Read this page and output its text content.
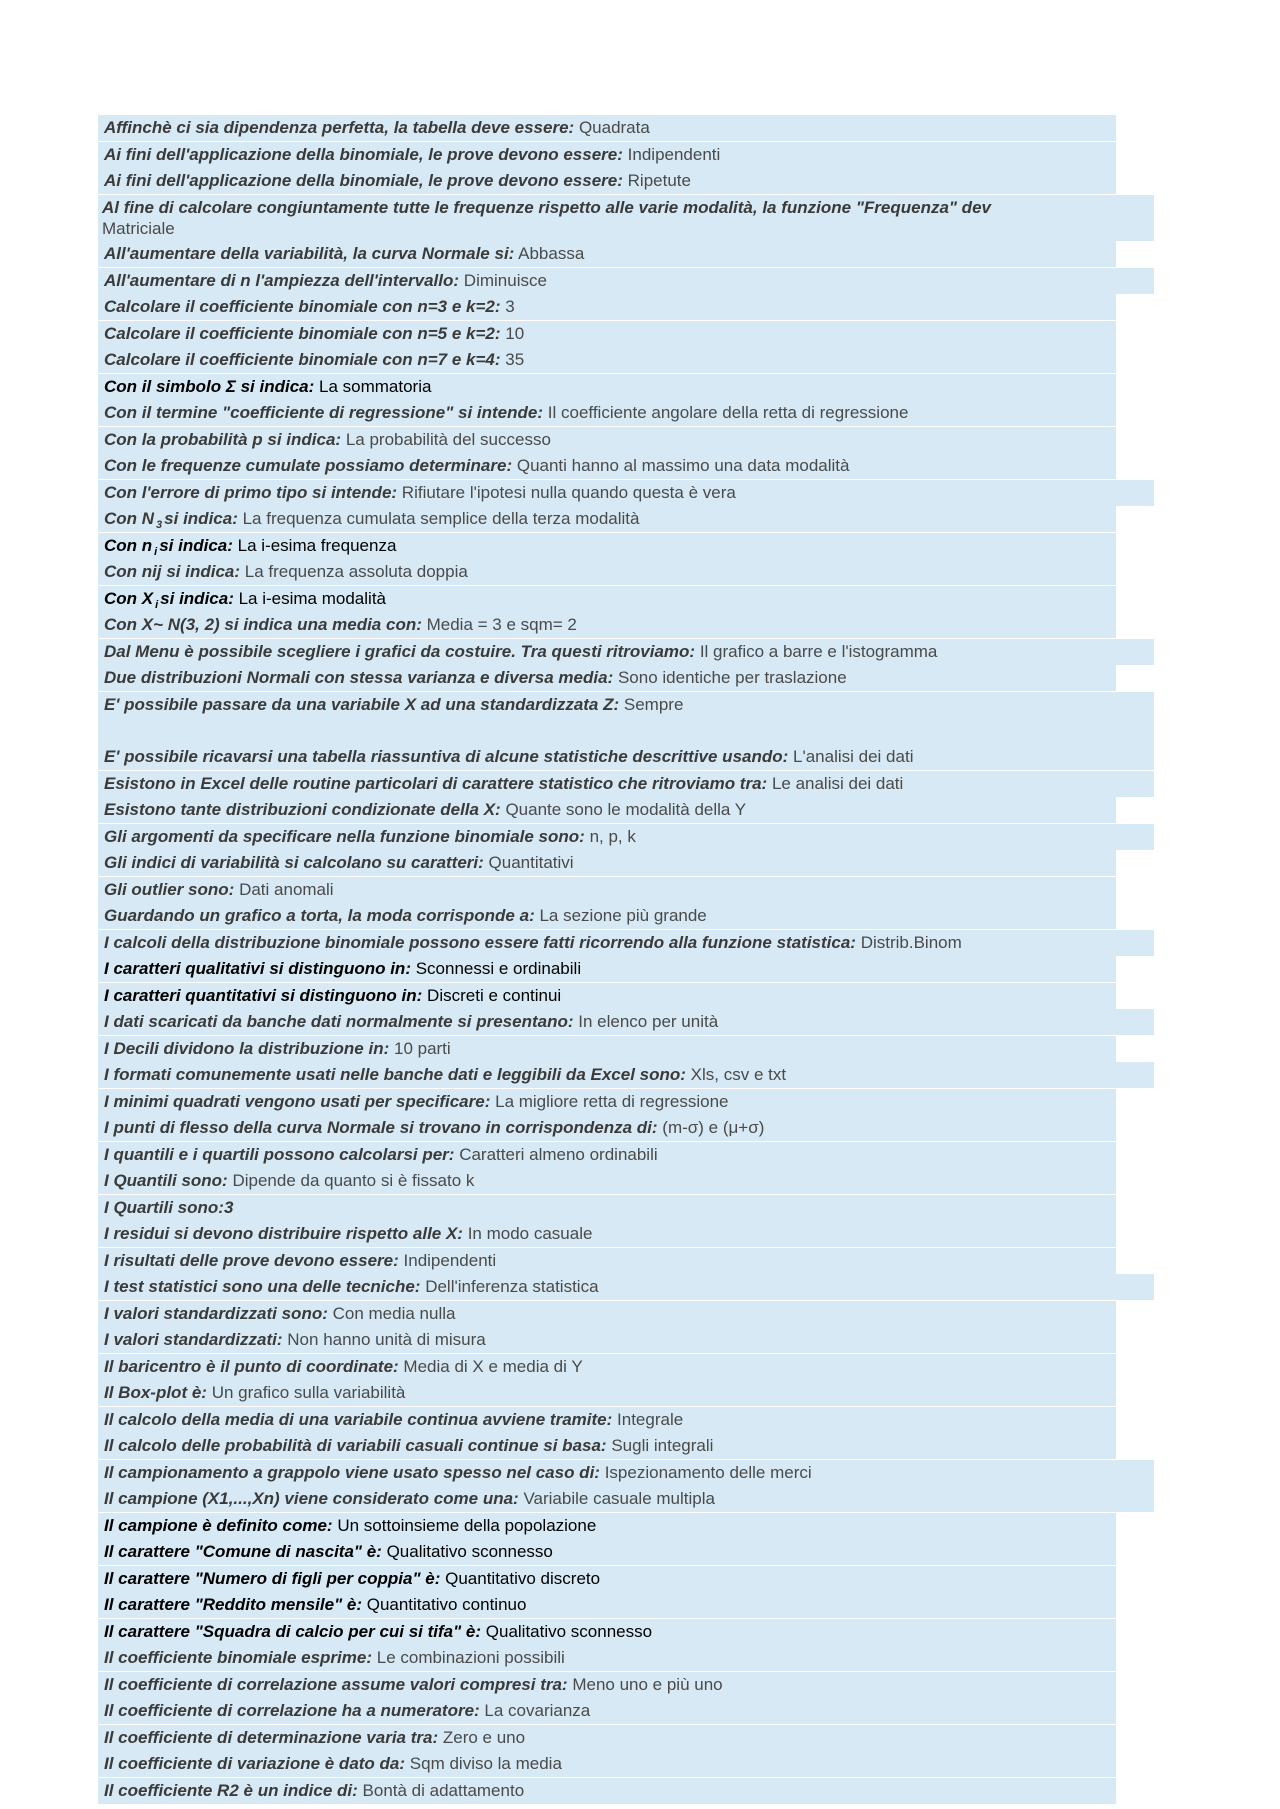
Affinchè ci sia dipendenza perfetta, la tabella deve essere: Quadrata
Ai fini dell'applicazione della binomiale, le prove devono essere: Indipendenti
Ai fini dell'applicazione della binomiale, le prove devono essere: Ripetute
Al fine di calcolare congiuntamente tutte le frequenze rispetto alle varie modalità, la funzione "Frequenza" dev
Matriciale
All'aumentare della variabilità, la curva Normale si: Abbassa
All'aumentare di n l'ampiezza dell'intervallo: Diminuisce
Calcolare il coefficiente binomiale con n=3 e k=2: 3
Calcolare il coefficiente binomiale con n=5 e k=2: 10
Calcolare il coefficiente binomiale con n=7 e k=4: 35
Con il simbolo Σ si indica: La sommatoria
Con il termine "coefficiente di regressione" si intende: Il coefficiente angolare della retta di regressione
Con la probabilità p si indica: La probabilità del successo
Con le frequenze cumulate possiamo determinare: Quanti hanno al massimo una data modalità
Con l'errore di primo tipo si intende: Rifiutare l'ipotesi nulla quando questa è vera
Con N $_3$ si indica: La frequenza cumulata semplice della terza modalità
Con n $_i$ si indica: La i-esima frequenza
Con nij si indica: La frequenza assoluta doppia
Con X $_i$ si indica: La i-esima modalità
Con X~ N(3, 2) si indica una media con: Media = 3 e sqm= 2
Dal Menu è possibile scegliere i grafici da costuire. Tra questi ritroviamo: Il grafico a barre e l'istogramma
Due distribuzioni Normali con stessa varianza e diversa media: Sono identiche per traslazione
E' possibile passare da una variabile X ad una standardizzata Z: Sempre
E' possibile ricavarsi una tabella riassuntiva di alcune statistiche descrittive usando: L'analisi dei dati
Esistono in Excel delle routine particolari di carattere statistico che ritroviamo tra: Le analisi dei dati
Esistono tante distribuzioni condizionate della X: Quante sono le modalità della Y
Gli argomenti da specificare nella funzione binomiale sono: n, p, k
Gli indici di variabilità si calcolano su caratteri: Quantitativi
Gli outlier sono: Dati anomali
Guardando un grafico a torta, la moda corrisponde a: La sezione più grande
I calcoli della distribuzione binomiale possono essere fatti ricorrendo alla funzione statistica: Distrib.Binom
I caratteri qualitativi si distinguono in: Sconnessi e ordinabili
I caratteri quantitativi si distinguono in: Discreti e continui
I dati scaricati da banche dati normalmente si presentano: In elenco per unità
I Decili dividono la distribuzione in: 10 parti
I formati comunemente usati nelle banche dati e leggibili da Excel sono: Xls, csv e txt
I minimi quadrati vengono usati per specificare: La migliore retta di regressione
I punti di flesso della curva Normale si trovano in corrispondenza di: (m-σ) e (μ+σ)
I quantili e i quartili possono calcolarsi per: Caratteri almeno ordinabili
I Quantili sono: Dipende da quanto si è fissato k
I Quartili sono:3
I residui si devono distribuire rispetto alle X: In modo casuale
I risultati delle prove devono essere: Indipendenti
I test statistici sono una delle tecniche: Dell'inferenza statistica
I valori standardizzati sono: Con media nulla
I valori standardizzati: Non hanno unità di misura
Il baricentro è il punto di coordinate: Media di X e media di Y
Il Box-plot è: Un grafico sulla variabilità
Il calcolo della media di una variabile continua avviene tramite: Integrale
Il calcolo delle probabilità di variabili casuali continue si basa: Sugli integrali
Il campionamento a grappolo viene usato spesso nel caso di: Ispezionamento delle merci
Il campione (X1,...,Xn) viene considerato come una: Variabile casuale multipla
Il campione è definito come: Un sottoinsieme della popolazione
Il carattere "Comune di nascita" è: Qualitativo sconnesso
Il carattere "Numero di figli per coppia" è: Quantitativo discreto
Il carattere "Reddito mensile" è: Quantitativo continuo
Il carattere "Squadra di calcio per cui si tifa" è: Qualitativo sconnesso
Il coefficiente binomiale esprime: Le combinazioni possibili
Il coefficiente di correlazione assume valori compresi tra: Meno uno e più uno
Il coefficiente di correlazione ha a numeratore: La covarianza
Il coefficiente di determinazione varia tra: Zero e uno
Il coefficiente di variazione è dato da: Sqm diviso la media
Il coefficiente R2 è un indice di: Bontà di adattamento
